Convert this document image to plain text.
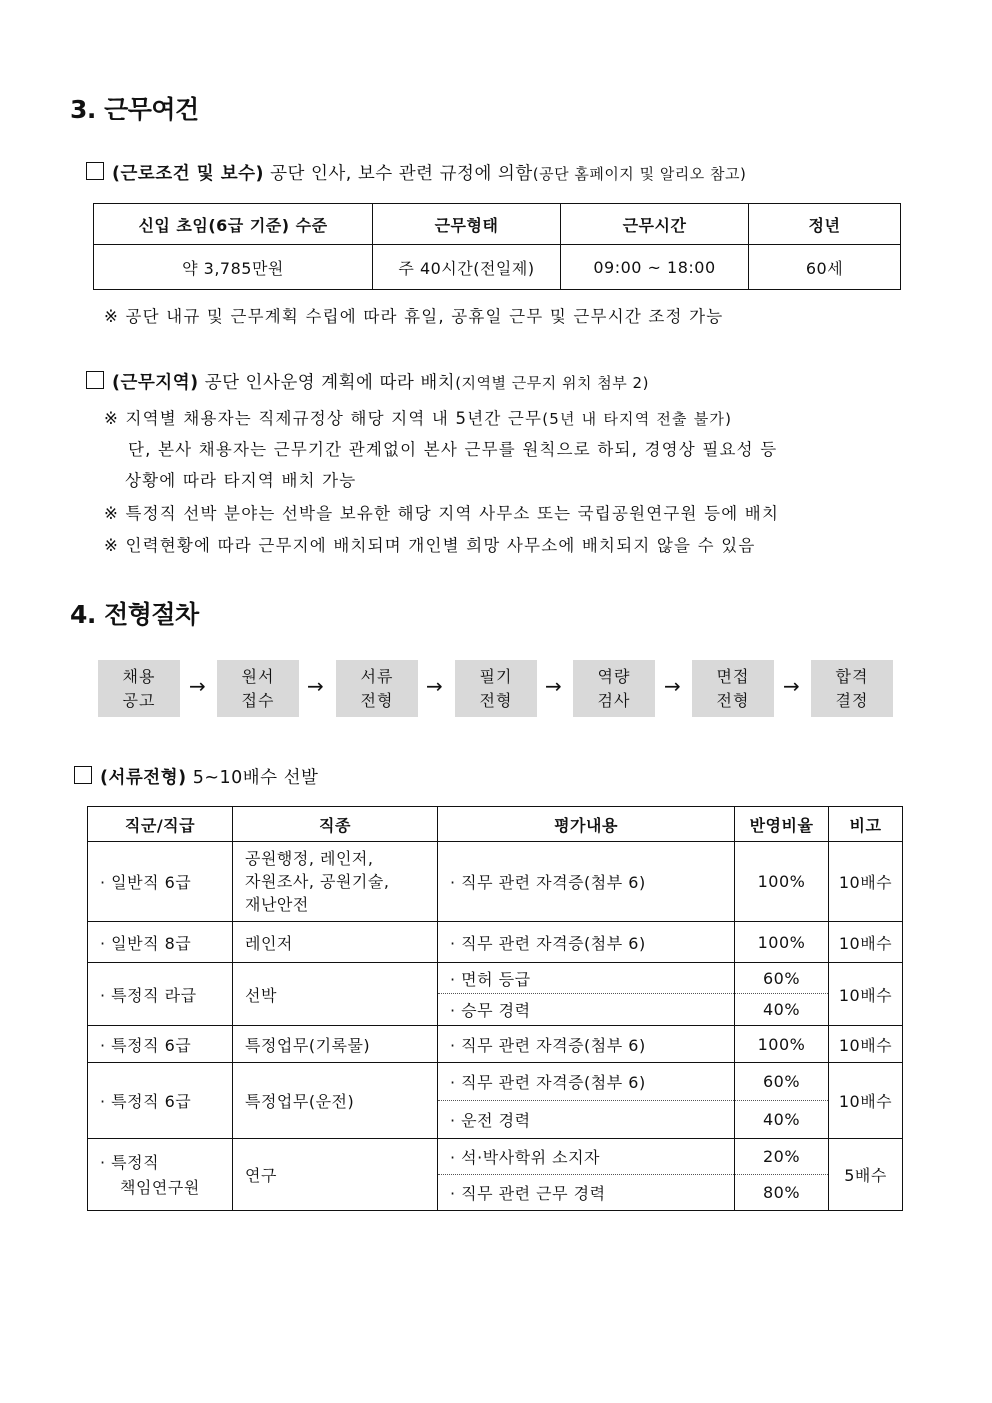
3. 근무여건
(근로조건 및 보수) 공단 인사, 보수 관련 규정에 의함(공단 홈페이지 및 알리오 참고)
신입 초임(6급 기준) 수준	근무형태	근무시간	정년
약 3,785만원	주 40시간(전일제)	09:00 ~ 18:00	60세
※ 공단 내규 및 근무계획 수립에 따라 휴일, 공휴일 근무 및 근무시간 조정 가능
(근무지역) 공단 인사운영 계획에 따라 배치(지역별 근무지 위치 첨부 2)
※ 지역별 채용자는 직제규정상 해당 지역 내 5년간 근무(5년 내 타지역 전출 불가)
단, 본사 채용자는 근무기간 관계없이 본사 근무를 원칙으로 하되, 경영상 필요성 등
상황에 따라 타지역 배치 가능
※ 특정직 선박 분야는 선박을 보유한 해당 지역 사무소 또는 국립공원연구원 등에 배치
※ 인력현황에 따라 근무지에 배치되며 개인별 희망 사무소에 배치되지 않을 수 있음
4. 전형절차
채용
공고
→	원서
접수
→	서류
전형
→	필기
전형
→	역량
검사
→	면접
전형
→	합격
결정
(서류전형) 5~10배수 선발
직군/직급	직종	평가내용	반영비율	비고
· 일반직 6급	공원행정, 레인저,
자원조사, 공원기술,
재난안전	· 직무 관련 자격증(첨부 6)	100%	10배수
· 일반직 8급	레인저	· 직무 관련 자격증(첨부 6)	100%	10배수
· 특정직 라급	선박	· 면허 등급	60%	10배수
		· 승무 경력	40%	
· 특정직 6급	특정업무(기록물)	· 직무 관련 자격증(첨부 6)	100%	10배수
· 특정직 6급	특정업무(운전)	· 직무 관련 자격증(첨부 6)	60%	10배수
		· 운전 경력	40%	

· 특정직
책임연구원	연구	· 석·박사학위 소지자	20%	5배수
		· 직무 관련 근무 경력	80%	
